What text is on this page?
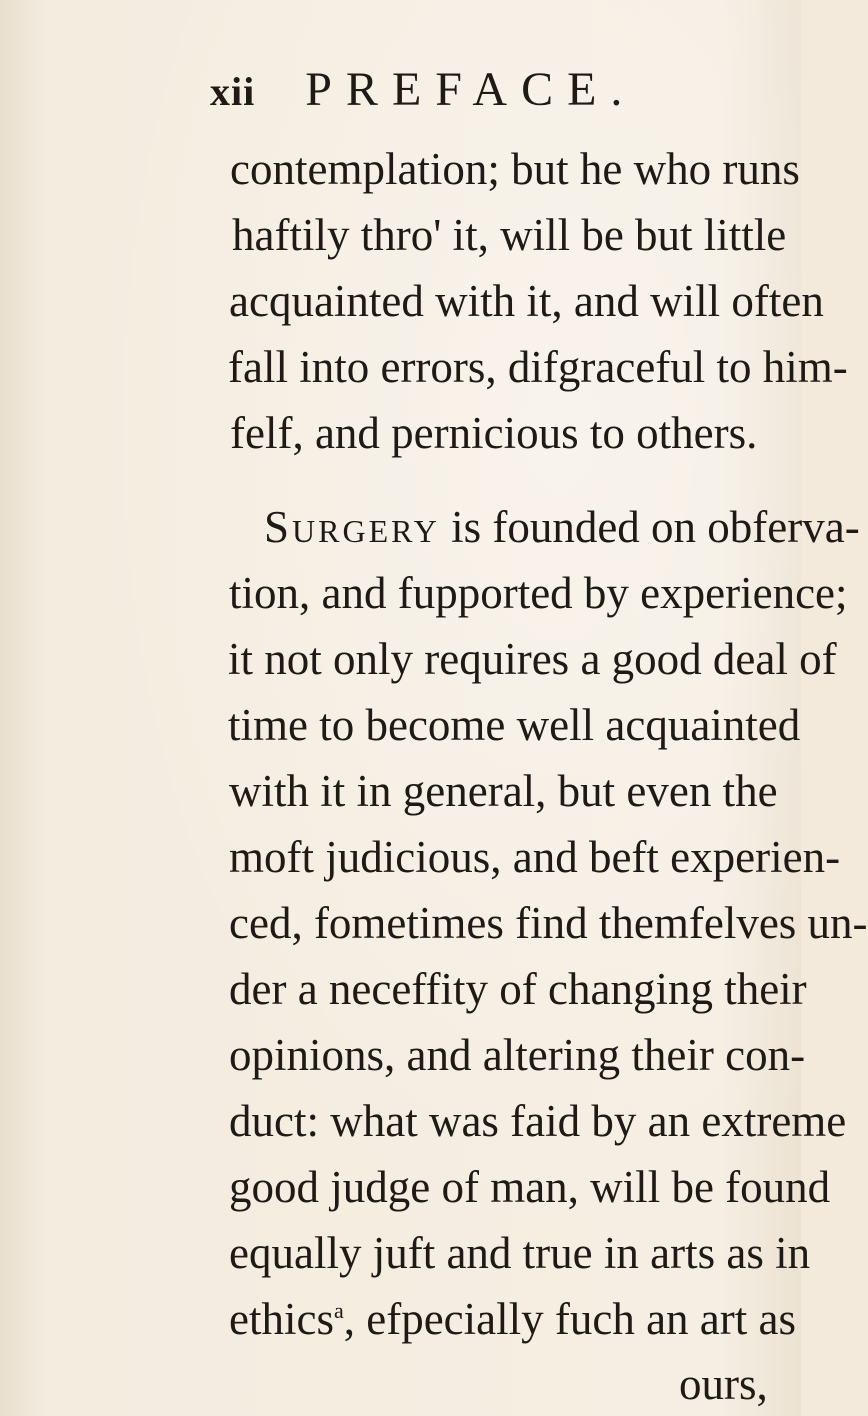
xii PREFACE.
contemplation; but he who runs
haftily thro' it, will be but little
acquainted with it, and will often
fall into errors, difgraceful to him-
felf, and pernicious to others.
Surgery is founded on obferva-
tion, and fupported by experience;
it not only requires a good deal of
time to become well acquainted
with it in general, but even the
moft judicious, and beft experien-
ced, fometimes find themfelves un-
der a neceffity of changing their
opinions, and altering their con-
duct: what was faid by an extreme
good judge of man, will be found
equally juft and true in arts as in
ethics$^a$, efpecially fuch an art as
ours,
